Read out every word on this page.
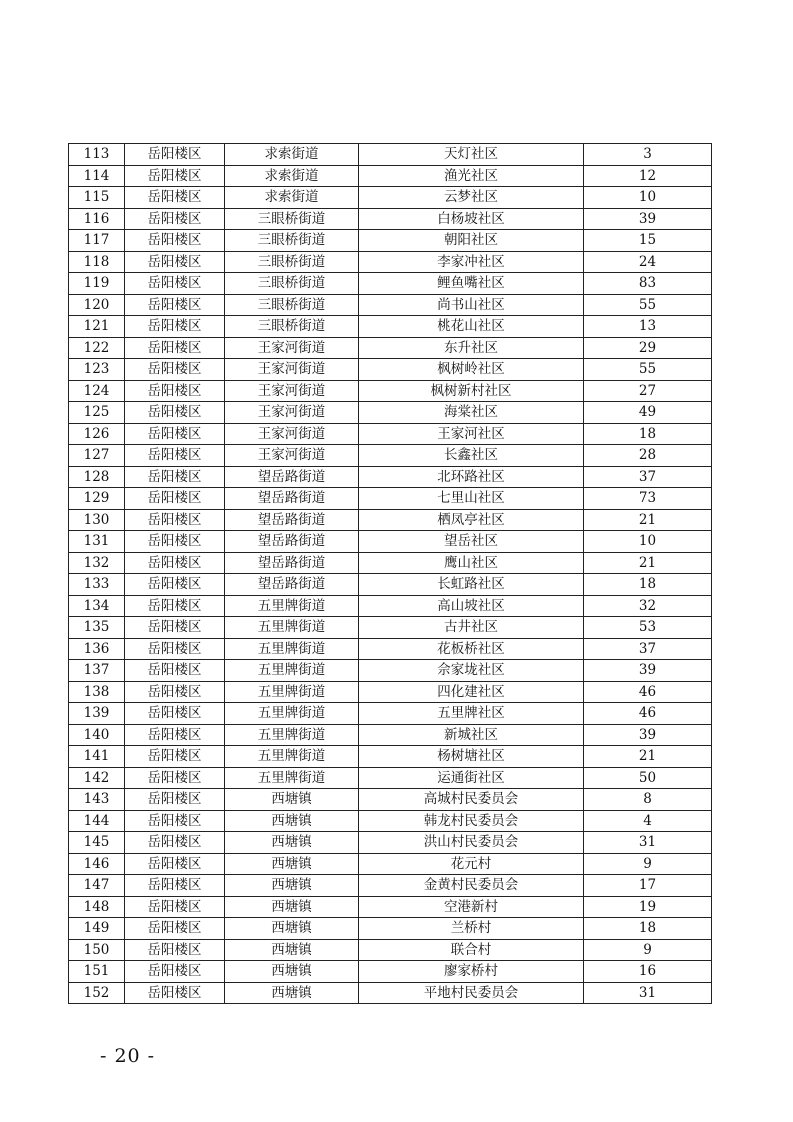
113	岳阳楼区	求索街道	天灯社区	3
114	岳阳楼区	求索街道	渔光社区	12
115	岳阳楼区	求索街道	云梦社区	10
116	岳阳楼区	三眼桥街道	白杨坡社区	39
117	岳阳楼区	三眼桥街道	朝阳社区	15
118	岳阳楼区	三眼桥街道	李家冲社区	24
119	岳阳楼区	三眼桥街道	鲤鱼嘴社区	83
120	岳阳楼区	三眼桥街道	尚书山社区	55
121	岳阳楼区	三眼桥街道	桃花山社区	13
122	岳阳楼区	王家河街道	东升社区	29
123	岳阳楼区	王家河街道	枫树岭社区	55
124	岳阳楼区	王家河街道	枫树新村社区	27
125	岳阳楼区	王家河街道	海棠社区	49
126	岳阳楼区	王家河街道	王家河社区	18
127	岳阳楼区	王家河街道	长鑫社区	28
128	岳阳楼区	望岳路街道	北环路社区	37
129	岳阳楼区	望岳路街道	七里山社区	73
130	岳阳楼区	望岳路街道	栖凤亭社区	21
131	岳阳楼区	望岳路街道	望岳社区	10
132	岳阳楼区	望岳路街道	鹰山社区	21
133	岳阳楼区	望岳路街道	长虹路社区	18
134	岳阳楼区	五里牌街道	高山坡社区	32
135	岳阳楼区	五里牌街道	古井社区	53
136	岳阳楼区	五里牌街道	花板桥社区	37
137	岳阳楼区	五里牌街道	佘家垅社区	39
138	岳阳楼区	五里牌街道	四化建社区	46
139	岳阳楼区	五里牌街道	五里牌社区	46
140	岳阳楼区	五里牌街道	新城社区	39
141	岳阳楼区	五里牌街道	杨树塘社区	21
142	岳阳楼区	五里牌街道	运通街社区	50
143	岳阳楼区	西塘镇	高城村民委员会	8
144	岳阳楼区	西塘镇	韩龙村民委员会	4
145	岳阳楼区	西塘镇	洪山村民委员会	31
146	岳阳楼区	西塘镇	花元村	9
147	岳阳楼区	西塘镇	金黄村民委员会	17
148	岳阳楼区	西塘镇	空港新村	19
149	岳阳楼区	西塘镇	兰桥村	18
150	岳阳楼区	西塘镇	联合村	9
151	岳阳楼区	西塘镇	廖家桥村	16
152	岳阳楼区	西塘镇	平地村民委员会	31
- 20 -
